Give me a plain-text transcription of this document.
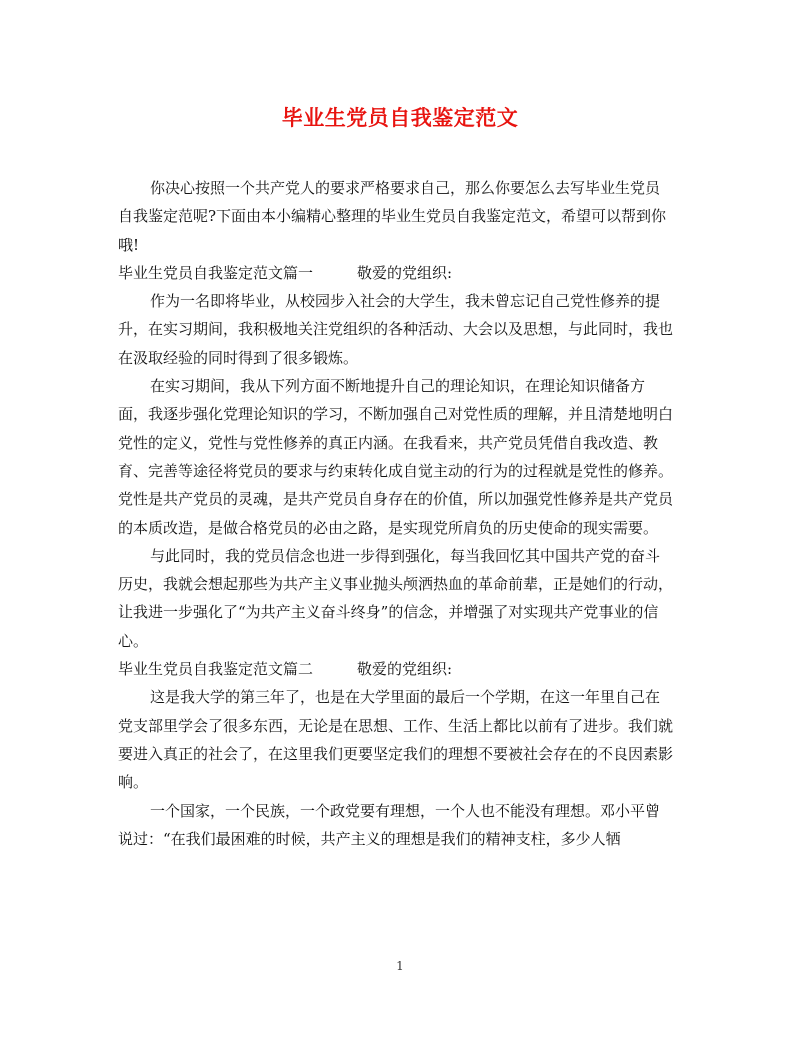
毕业生党员自我鉴定范文

你决心按照一个共产党人的要求严格要求自己，那么你要怎么去写毕业生党员自我鉴定范呢?下面由本小编精心整理的毕业生党员自我鉴定范文，希望可以帮到你哦!

毕业生党员自我鉴定范文篇一	敬爱的党组织:

作为一名即将毕业，从校园步入社会的大学生，我未曾忘记自己党性修养的提升，在实习期间，我积极地关注党组织的各种活动、大会以及思想，与此同时，我也在汲取经验的同时得到了很多锻炼。

在实习期间，我从下列方面不断地提升自己的理论知识，在理论知识储备方面，我逐步强化党理论知识的学习，不断加强自己对党性质的理解，并且清楚地明白党性的定义，党性与党性修养的真正内涵。在我看来，共产党员凭借自我改造、教育、完善等途径将党员的要求与约束转化成自觉主动的行为的过程就是党性的修养。党性是共产党员的灵魂，是共产党员自身存在的价值，所以加强党性修养是共产党员的本质改造，是做合格党员的必由之路，是实现党所肩负的历史使命的现实需要。

与此同时，我的党员信念也进一步得到强化，每当我回忆其中国共产党的奋斗历史，我就会想起那些为共产主义事业抛头颅洒热血的革命前辈，正是她们的行动，让我进一步强化了“为共产主义奋斗终身”的信念，并增强了对实现共产党事业的信心。

毕业生党员自我鉴定范文篇二	敬爱的党组织:

这是我大学的第三年了，也是在大学里面的最后一个学期，在这一年里自己在党支部里学会了很多东西，无论是在思想、工作、生活上都比以前有了进步。我们就要进入真正的社会了，在这里我们更要坚定我们的理想不要被社会存在的不良因素影响。

一个国家，一个民族，一个政党要有理想，一个人也不能没有理想。邓小平曾说过：“在我们最困难的时候，共产主义的理想是我们的精神支柱，多少人牺

1
